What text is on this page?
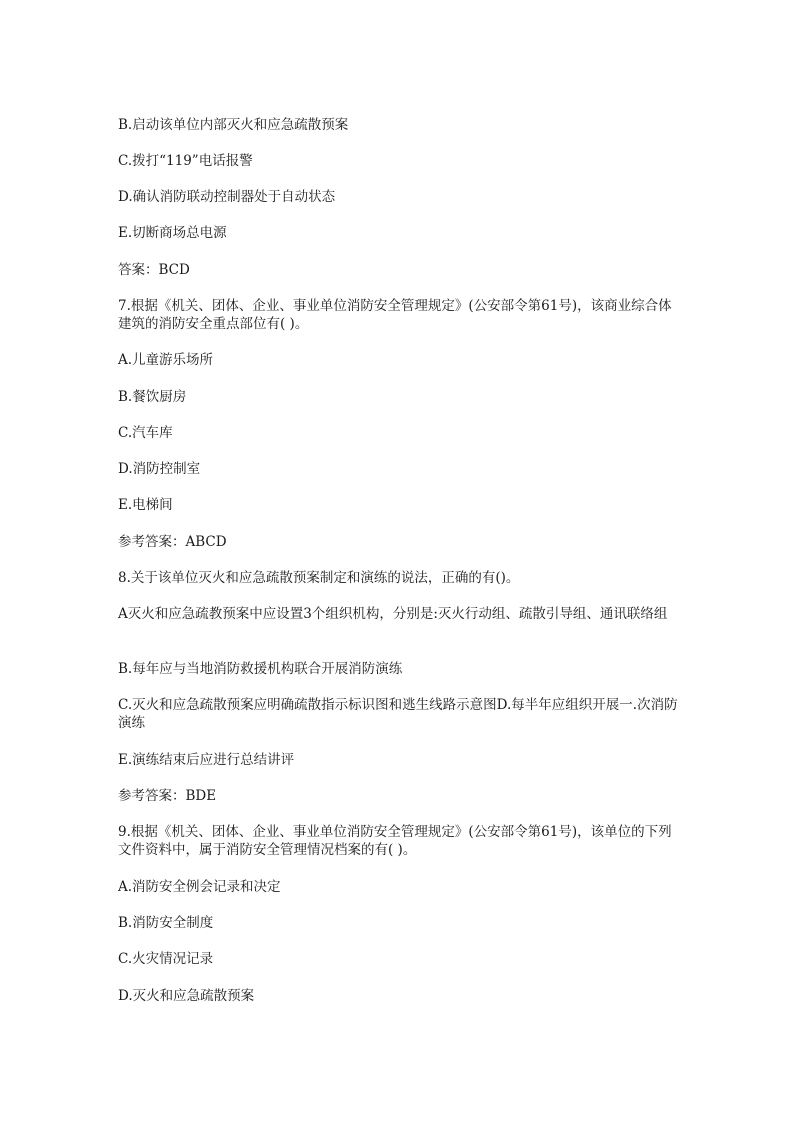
B.启动该单位内部灭火和应急疏散预案

C.拨打“119”电话报警

D.确认消防联动控制器处于自动状态

E.切断商场总电源

答案：BCD

7.根据《机关、团体、企业、事业单位消防安全管理规定》(公安部令第61号)，该商业综合体建筑的消防安全重点部位有( )。

A.儿童游乐场所

B.餐饮厨房

C.汽车库

D.消防控制室

E.电梯间

参考答案：ABCD

8.关于该单位灭火和应急疏散预案制定和演练的说法，正确的有()。

A灭火和应急疏教预案中应设置3个组织机构，分别是:灭火行动组、疏散引导组、通讯联络组

B.每年应与当地消防救援机构联合开展消防演练

C.灭火和应急疏散预案应明确疏散指示标识图和逃生线路示意图D.每半年应组织开展一.次消防演练

E.演练结束后应进行总结讲评

参考答案：BDE

9.根据《机关、团体、企业、事业单位消防安全管理规定》(公安部令第61号)，该单位的下列文件资料中，属于消防安全管理情况档案的有( )。

A.消防安全例会记录和决定

B.消防安全制度

C.火灾情况记录

D.灭火和应急疏散预案
